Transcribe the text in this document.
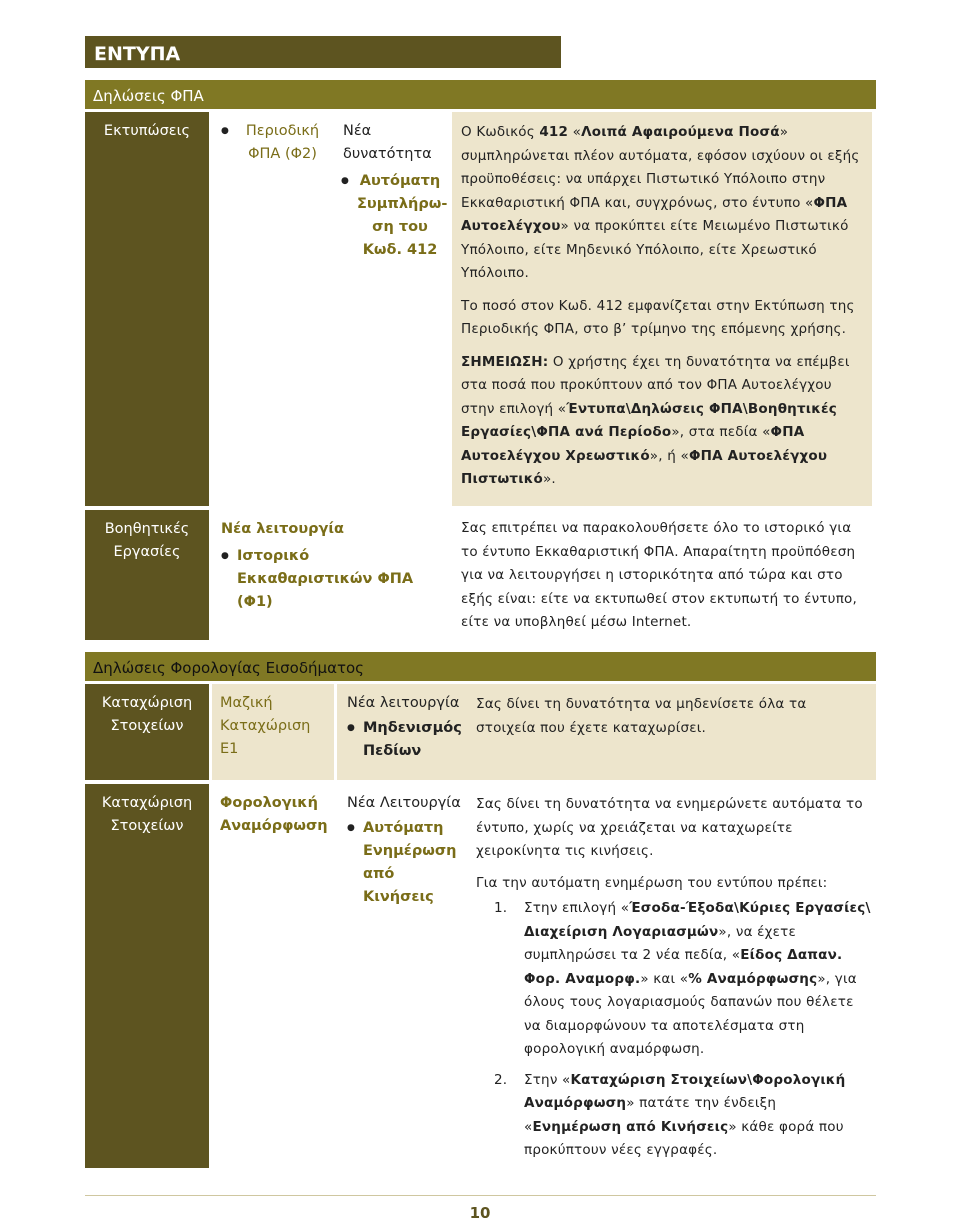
ΕΝΤΥΠΑ
Δηλώσεις ΦΠΑ
Εκτυπώσεις
●	Περιοδική ΦΠΑ (Φ2)
Νέα δυνατότητα
● Αυτόματη Συμπλήρω-ση του Κωδ. 412

Ο Κωδικός 412 «Λοιπά Αφαιρούμενα Ποσά» συμπληρώνεται πλέον αυτόματα, εφόσον ισχύουν οι εξής προϋποθέσεις: να υπάρχει Πιστωτικό Υπόλοιπο στην Εκκαθαριστική ΦΠΑ και, συγχρόνως, στο έντυπο «ΦΠΑ Αυτοελέγχου» να προκύπτει είτε Μειωμένο Πιστωτικό Υπόλοιπο, είτε Μηδενικό Υπόλοιπο, είτε Χρεωστικό Υπόλοιπο.

Το ποσό στον Κωδ. 412 εμφανίζεται στην Εκτύπωση της Περιοδικής ΦΠΑ, στο β’ τρίμηνο της επόμενης χρήσης.

ΣΗΜΕΙΩΣΗ: Ο χρήστης έχει τη δυνατότητα να επέμβει στα ποσά που προκύπτουν από τον ΦΠΑ Αυτοελέγχου στην επιλογή «Έντυπα\Δηλώσεις ΦΠΑ\Βοηθητικές Εργασίες\ΦΠΑ ανά Περίοδο», στα πεδία «ΦΠΑ Αυτοελέγχου Χρεωστικό», ή «ΦΠΑ Αυτοελέγχου Πιστωτικό».

Βοηθητικές Εργασίες
Νέα λειτουργία
● Ιστορικό Εκκαθαριστικών ΦΠΑ (Φ1)

Σας επιτρέπει να παρακολουθήσετε όλο το ιστορικό για το έντυπο Εκκαθαριστική ΦΠΑ. Απαραίτητη προϋπόθεση για να λειτουργήσει η ιστορικότητα από τώρα και στο εξής είναι: είτε να εκτυπωθεί στον εκτυπωτή το έντυπο, είτε να υποβληθεί μέσω Internet.

Δηλώσεις Φορολογίας Εισοδήματος
Καταχώριση Στοιχείων
Μαζική Καταχώριση Ε1
Νέα λειτουργία
● Μηδενισμός Πεδίων

Σας δίνει τη δυνατότητα να μηδενίσετε όλα τα στοιχεία που έχετε καταχωρίσει.

Καταχώριση Στοιχείων
Φορολογική Αναμόρφωση
Νέα Λειτουργία
● Αυτόματη Ενημέρωση από Κινήσεις

Σας δίνει τη δυνατότητα να ενημερώνετε αυτόματα το έντυπο, χωρίς να χρειάζεται να καταχωρείτε χειροκίνητα τις κινήσεις.

Για την αυτόματη ενημέρωση του εντύπου πρέπει:

1. Στην επιλογή «Έσοδα-Έξοδα\Κύριες Εργασίες\ Διαχείριση Λογαριασμών», να έχετε συμπληρώσει τα 2 νέα πεδία, «Είδος Δαπαν. Φορ. Αναμορφ.» και «% Αναμόρφωσης», για όλους τους λογαριασμούς δαπανών που θέλετε να διαμορφώνουν τα αποτελέσματα στη φορολογική αναμόρφωση.
2. Στην «Καταχώριση Στοιχείων\Φορολογική Αναμόρφωση» πατάτε την ένδειξη «Ενημέρωση από Κινήσεις» κάθε φορά που προκύπτουν νέες εγγραφές.
10
